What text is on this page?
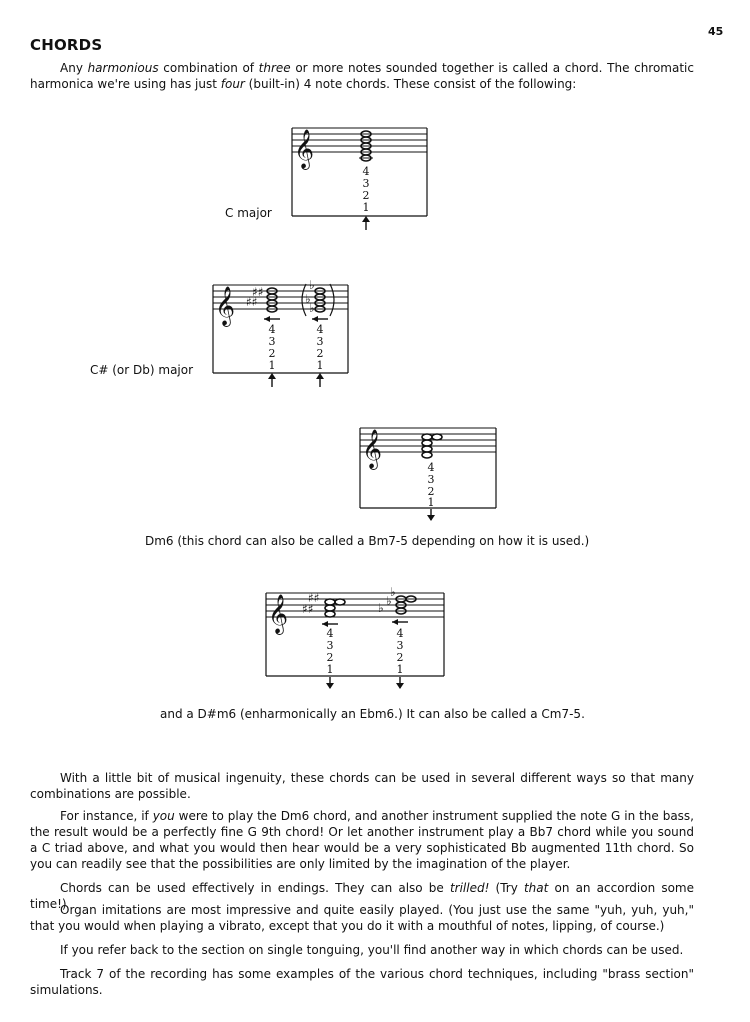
45
CHORDS
Any harmonious combination of three or more notes sounded together is called a chord. The chromatic harmonica we're using has just four (built-in) 4 note chords. These consist of the following:
𝄞
4
3
2
1
𝄞 ♯♯
♯♯	♭
♭
♭
4
3
2
1
4
3
2
1
𝄞	4
3
2
1
𝄞 ♯♯
♯♯
♭ ♭
♭
4
3
2
1
4
3
2
1
C major
C# (or Db) major
Dm6 (this chord can also be called a Bm7-5 depending on how it is used.)
and a D#m6 (enharmonically an Ebm6.) It can also be called a Cm7-5.
With a little bit of musical ingenuity, these chords can be used in several different ways so that many combinations are possible.
For instance, if you were to play the Dm6 chord, and another instrument supplied the note G in the bass, the result would be a perfectly fine G 9th chord! Or let another instrument play a Bb7 chord while you sound a C triad above, and what you would then hear would be a very sophisticated Bb augmented 11th chord. So you can readily see that the possibilities are only limited by the imagination of the player.
Chords can be used effectively in endings. They can also be trilled! (Try that on an accordion some time!)
Organ imitations are most impressive and quite easily played. (You just use the same "yuh, yuh, yuh," that you would when playing a vibrato, except that you do it with a mouthful of notes, lipping, of course.)
If you refer back to the section on single tonguing, you'll find another way in which chords can be used.
Track 7 of the recording has some examples of the various chord techniques, including "brass section" simulations.
